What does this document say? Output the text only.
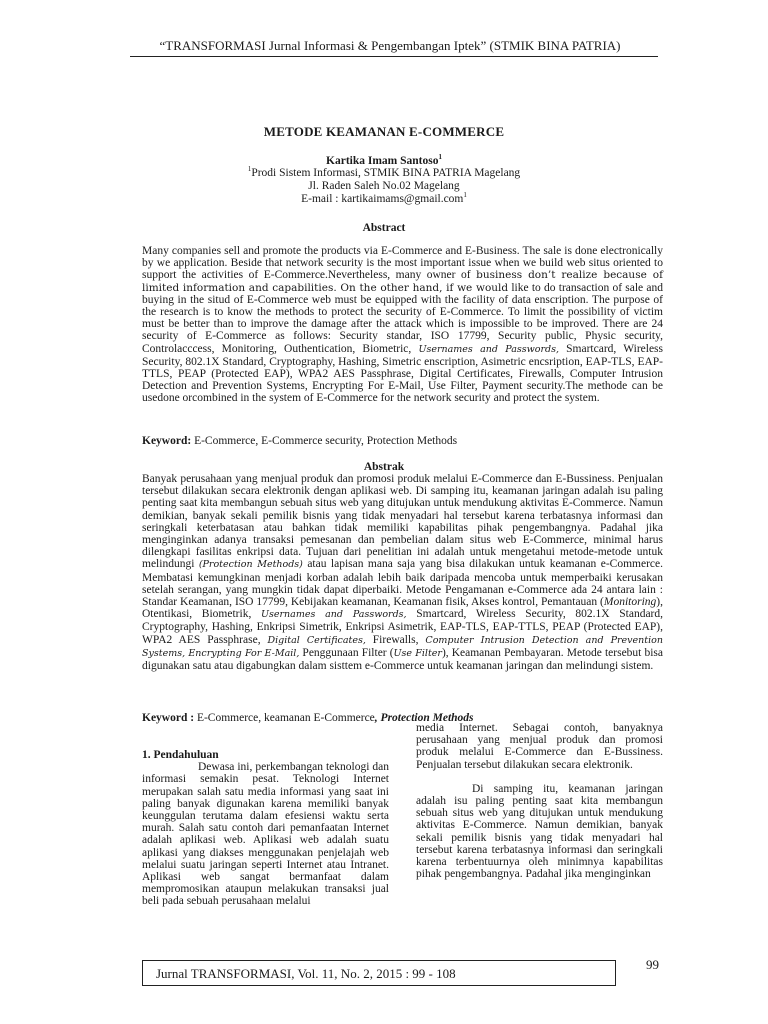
“TRANSFORMASI Jurnal Informasi & Pengembangan Iptek” (STMIK BINA PATRIA)
METODE KEAMANAN E-COMMERCE
Kartika Imam Santoso$^1$
$^1$Prodi Sistem Informasi, STMIK BINA PATRIA Magelang
Jl. Raden Saleh No.02 Magelang
E-mail : kartikaimams@gmail.com$^1$
Abstract
Many companies sell and promote the products via E-Commerce and E-Business. The sale is done electronically by we application. Beside that network security is the most important issue when we build web situs oriented to support the activities of E-Commerce.Nevertheless, many owner of business don’t realize because of limited information and capabilities. On the other hand, if we would like to do transaction of sale and buying in the situd of E-Commerce web must be equipped with the facility of data enscription. The purpose of the research is to know the methods to protect the security of E-Commerce. To limit the possibility of victim must be better than to improve the damage after the attack which is impossible to be improved. There are 24 security of E-Commerce as follows: Security standar, ISO 17799, Security public, Physic security, Controlacccess, Monitoring, Outhentication, Biometric, Usernames and Passwords, Smartcard, Wireless Security, 802.1X Standard, Cryptography, Hashing, Simetric enscription, Asimetric encsription, EAP-TLS, EAP-TTLS, PEAP (Protected EAP), WPA2 AES Passphrase, Digital Certificates, Firewalls, Computer Intrusion Detection and Prevention Systems, Encrypting For E-Mail, Use Filter, Payment security.The methode can be usedone orcombined in the system of E-Commerce for the network security and protect the system.
Keyword: E-Commerce, E-Commerce security, Protection Methods
Abstrak
Banyak perusahaan yang menjual produk dan promosi produk melalui E-Commerce dan E-Bussiness. Penjualan tersebut dilakukan secara elektronik dengan aplikasi web. Di samping itu, keamanan jaringan adalah isu paling penting saat kita membangun sebuah situs web yang ditujukan untuk mendukung aktivitas E-Commerce. Namun demikian, banyak sekali pemilik bisnis yang tidak menyadari hal tersebut karena terbatasnya informasi dan seringkali keterbatasan atau bahkan tidak memiliki kapabilitas pihak pengembangnya. Padahal jika menginginkan adanya transaksi pemesanan dan pembelian dalam situs web E-Commerce, minimal harus dilengkapi fasilitas enkripsi data. Tujuan dari penelitian ini adalah untuk mengetahui metode-metode untuk melindungi (Protection Methods) atau lapisan mana saja yang bisa dilakukan untuk keamanan e-Commerce. Membatasi kemungkinan menjadi korban adalah lebih baik daripada mencoba untuk memperbaiki kerusakan setelah serangan, yang mungkin tidak dapat diperbaiki. Metode Pengamanan e-Commerce ada 24 antara lain : Standar Keamanan, ISO 17799, Kebijakan keamanan, Keamanan fisik, Akses kontrol, Pemantauan (Monitoring), Otentikasi, Biometrik, Usernames and Passwords, Smartcard, Wireless Security, 802.1X Standard, Cryptography, Hashing, Enkripsi Simetrik, Enkripsi Asimetrik, EAP-TLS, EAP-TTLS, PEAP (Protected EAP), WPA2 AES Passphrase, Digital Certificates, Firewalls, Computer Intrusion Detection and Prevention Systems, Encrypting For E-Mail, Penggunaan Filter (Use Filter), Keamanan Pembayaran. Metode tersebut bisa digunakan satu atau digabungkan dalam sisttem e-Commerce untuk keamanan jaringan dan melindungi sistem.
Keyword : E-Commerce, keamanan E-Commerce, Protection Methods
1. Pendahuluan
Dewasa ini, perkembangan teknologi dan informasi semakin pesat. Teknologi Internet merupakan salah satu media informasi yang saat ini paling banyak digunakan karena memiliki banyak keunggulan terutama dalam efesiensi waktu serta murah. Salah satu contoh dari pemanfaatan Internet adalah aplikasi web. Aplikasi web adalah suatu aplikasi yang diakses menggunakan penjelajah web melalui suatu jaringan seperti Internet atau Intranet. Aplikasi web sangat bermanfaat dalam mempromosikan ataupun melakukan transaksi jual beli pada sebuah perusahaan melalui
media Internet. Sebagai contoh, banyaknya perusahaan yang menjual produk dan promosi produk melalui E-Commerce dan E-Bussiness. Penjualan tersebut dilakukan secara elektronik.
Di samping itu, keamanan jaringan adalah isu paling penting saat kita membangun sebuah situs web yang ditujukan untuk mendukung aktivitas E-Commerce. Namun demikian, banyak sekali pemilik bisnis yang tidak menyadari hal tersebut karena terbatasnya informasi dan seringkali karena terbentuurnya oleh minimnya kapabilitas pihak pengembangnya. Padahal jika menginginkan
Jurnal TRANSFORMASI, Vol. 11, No. 2, 2015 : 99 - 108
99
